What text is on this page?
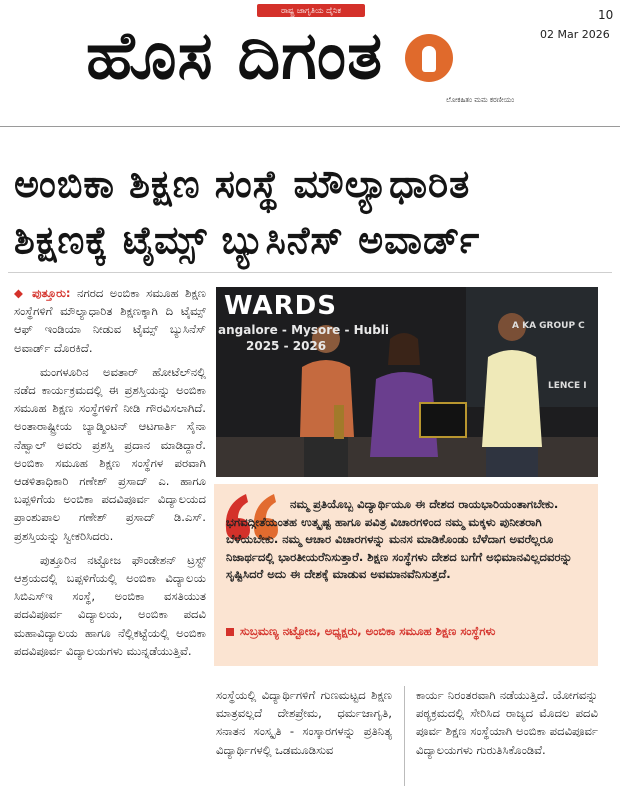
ರಾಷ್ಟ್ರ ಜಾಗೃತಿಯ ದೈನಿಕ
ಹೊಸ ದಿಗಂತ
ಲೋಕಹಿತಂ ಮಮ ಕರಣೀಯಂ
10
02 Mar 2026
ಅಂಬಿಕಾ ಶಿಕ್ಷಣ ಸಂಸ್ಥೆ ಮೌಲ್ಯಾಧಾರಿತ
ಶಿಕ್ಷಣಕ್ಕೆ ಟೈಮ್ಸ್ ಬ್ಯುಸಿನೆಸ್ ಅವಾರ್ಡ್

◆ ಪುತ್ತೂರು: ನಗರದ ಅಂಬಿಕಾ ಸಮೂಹ ಶಿಕ್ಷಣ ಸಂಸ್ಥೆಗಳಿಗೆ ಮೌಲ್ಯಾಧಾರಿತ ಶಿಕ್ಷಣಕ್ಕಾಗಿ ದಿ ಟೈಮ್ಸ್ ಆಫ್ ಇಂಡಿಯಾ ನೀಡುವ ಟೈಮ್ಸ್ ಬ್ಯುಸಿನೆಸ್ ಅವಾರ್ಡ್ ದೊರಕಿದೆ.

ಮಂಗಳೂರಿನ ಅವತಾರ್ ಹೋಟೆಲ್‌ನಲ್ಲಿ ನಡೆದ ಕಾರ್ಯಕ್ರಮದಲ್ಲಿ ಈ ಪ್ರಶಸ್ತಿಯನ್ನು ಅಂಬಿಕಾ ಸಮೂಹ ಶಿಕ್ಷಣ ಸಂಸ್ಥೆಗಳಿಗೆ ನೀಡಿ ಗೌರವಿಸಲಾಗಿದೆ. ಅಂತಾರಾಷ್ಟ್ರೀಯ ಬ್ಯಾಡ್ಮಿಂಟನ್ ಆಟಗಾರ್ತಿ ಸೈನಾ ನೆಹ್ವಾಲ್ ಅವರು ಪ್ರಶಸ್ತಿ ಪ್ರದಾನ ಮಾಡಿದ್ದಾರೆ. ಅಂಬಿಕಾ ಸಮೂಹ ಶಿಕ್ಷಣ ಸಂಸ್ಥೆಗಳ ಪರವಾಗಿ ಆಡಳಿತಾಧಿಕಾರಿ ಗಣೇಶ್ ಪ್ರಸಾದ್ ಎ. ಹಾಗೂ ಬಪ್ಪಳಿಗೆಯ ಅಂಬಿಕಾ ಪದವಿಪೂರ್ವ ವಿದ್ಯಾಲಯದ ಪ್ರಾಂಶುಪಾಲ ಗಣೇಶ್ ಪ್ರಸಾದ್ ಡಿ.ಎಸ್. ಪ್ರಶಸ್ತಿಯನ್ನು ಸ್ವೀಕರಿಸಿದರು.

ಪುತ್ತೂರಿನ ನಟ್ಟೋಜ ಫೌಂಡೇಶನ್ ಟ್ರಸ್ಟ್ ಆಶ್ರಯದಲ್ಲಿ ಬಪ್ಪಳಿಗೆಯಲ್ಲಿ ಅಂಬಿಕಾ ವಿದ್ಯಾಲಯ ಸಿಬಿಎಸ್‌ಇ ಸಂಸ್ಥೆ, ಅಂಬಿಕಾ ವಸತಿಯುತ ಪದವಿಪೂರ್ವ ವಿದ್ಯಾಲಯ, ಅಂಬಿಕಾ ಪದವಿ ಮಹಾವಿದ್ಯಾಲಯ ಹಾಗೂ ನೆಲ್ಲಿಕಟ್ಟೆಯಲ್ಲಿ ಅಂಬಿಕಾ ಪದವಿಪೂರ್ವ ವಿದ್ಯಾಲಯಗಳು ಮುನ್ನಡೆಯುತ್ತಿವೆ.

WARDS
angalore - Mysore - Hubli
2025 - 2026
A KA GROUP C
LENCE I
ನಮ್ಮ ಪ್ರತಿಯೊಬ್ಬ ವಿದ್ಯಾರ್ಥಿಯೂ ಈ ದೇಶದ ರಾಯಭಾರಿಯಂತಾಗಬೇಕು. ಭಗವದ್ಗೀತೆಯಂತಹ ಉತ್ಕೃಷ್ಟ ಹಾಗೂ ಪವಿತ್ರ ವಿಚಾರಗಳಿಂದ ನಮ್ಮ ಮಕ್ಕಳು ಪುನೀತರಾಗಿ ಬೆಳೆಯಬೇಕು. ನಮ್ಮ ಆಚಾರ ವಿಚಾರಗಳನ್ನು ಮನಸ ಮಾಡಿಕೊಂಡು ಬೆಳೆದಾಗ ಅವರೆಲ್ಲರೂ ನಿಜಾರ್ಥದಲ್ಲಿ ಭಾರತೀಯರೆನಿಸುತ್ತಾರೆ. ಶಿಕ್ಷಣ ಸಂಸ್ಥೆಗಳು ದೇಶದ ಬಗೆಗೆ ಅಭಿಮಾನವಿಲ್ಲದವರನ್ನು ಸೃಷ್ಟಿಸಿದರೆ ಅದು ಈ ದೇಶಕ್ಕೆ ಮಾಡುವ ಅವಮಾನವೆನಿಸುತ್ತದೆ.
ಸುಬ್ರಮಣ್ಯ ನಟ್ಟೋಜ, ಅಧ್ಯಕ್ಷರು, ಅಂಬಿಕಾ ಸಮೂಹ ಶಿಕ್ಷಣ ಸಂಸ್ಥೆಗಳು

ಸಂಸ್ಥೆಯಲ್ಲಿ ವಿದ್ಯಾರ್ಥಿಗಳಿಗೆ ಗುಣಮಟ್ಟದ ಶಿಕ್ಷಣ ಮಾತ್ರವಲ್ಲದೆ ದೇಶಪ್ರೇಮ, ಧರ್ಮಜಾಗೃತಿ, ಸನಾತನ ಸಂಸ್ಕೃತಿ - ಸಂಸ್ಕಾರಗಳನ್ನು ಪ್ರತಿನಿತ್ಯ ವಿದ್ಯಾರ್ಥಿಗಳಲ್ಲಿ ಒಡಮೂಡಿಸುವ

ಕಾರ್ಯ ನಿರಂತರವಾಗಿ ನಡೆಯುತ್ತಿದೆ. ಯೋಗವನ್ನು ಪಠ್ಯಕ್ರಮದಲ್ಲಿ ಸೇರಿಸಿದ ರಾಜ್ಯದ ಮೊದಲ ಪದವಿ ಪೂರ್ವ ಶಿಕ್ಷಣ ಸಂಸ್ಥೆಯಾಗಿ ಅಂಬಿಕಾ ಪದವಿಪೂರ್ವ ವಿದ್ಯಾಲಯಗಳು ಗುರುತಿಸಿಕೊಂಡಿವೆ.
